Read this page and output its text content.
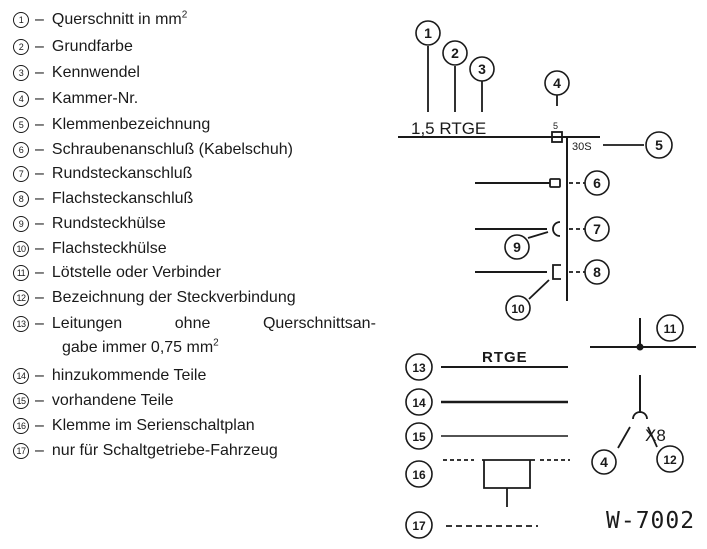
1 – Querschnitt in $mm^2$
2 – Grundfarbe
3 – Kennwendel
4 – Kammer-Nr.
5 – Klemmenbezeichnung
6 – Schraubenanschluß (Kabelschuh)
7 – Rundsteckanschluß
8 – Flachsteckanschluß
9 – Rundsteckhülse
10 – Flachsteckhülse
11 – Lötstelle oder Verbinder
12 – Bezeichnung der Steckverbindung
13 – Leitungen ohne Querschnittsan-
gabe immer 0,75 $mm^2$
14 – hinzukommende Teile
15 – vorhandene Teile
16 – Klemme im Serienschaltplan
17 – nur für Schaltgetriebe-Fahrzeug
1,5 RTGE	5
30S
RTGE
X8
1
2
3
4
5
6
7
8
9
10
11
12
13
14
15
16
17
4
W-7002
